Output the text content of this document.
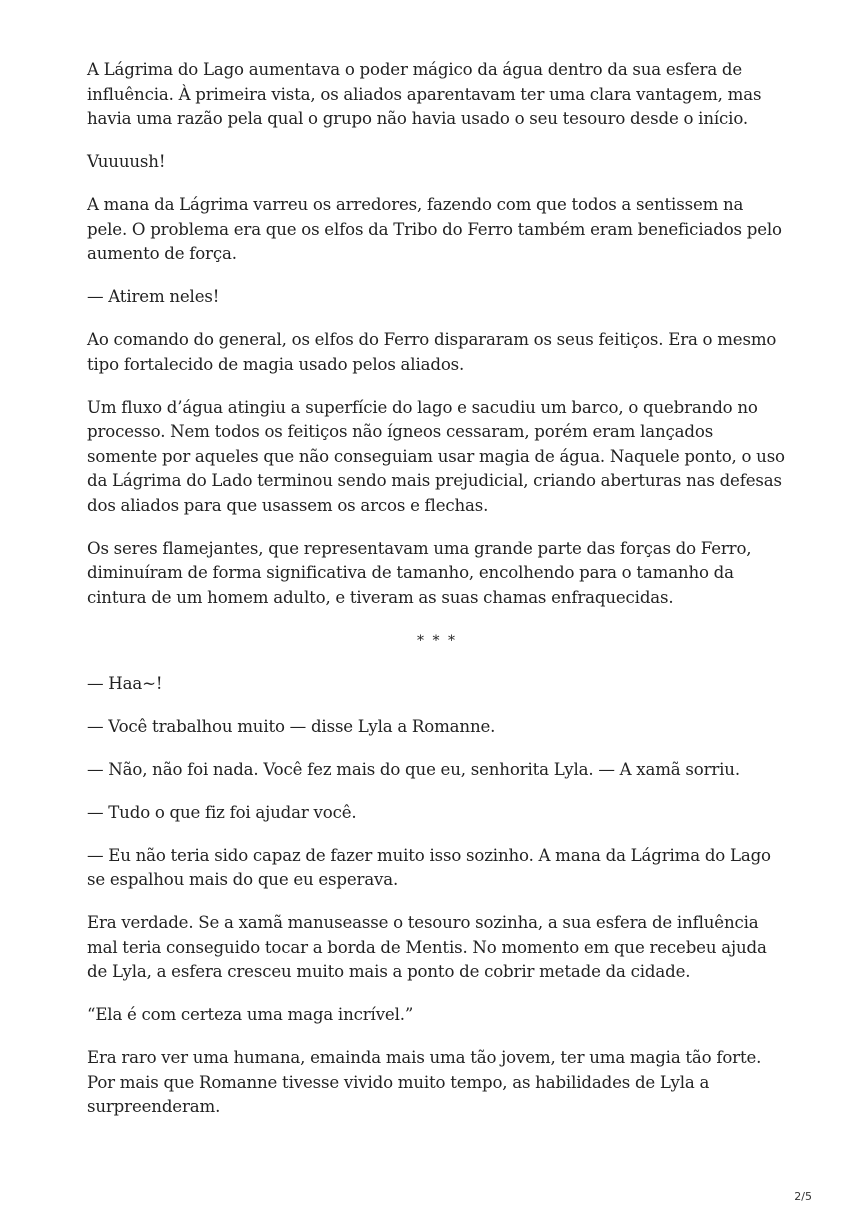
A Lágrima do Lago aumentava o poder mágico da água dentro da sua esfera de influência. À primeira vista, os aliados aparentavam ter uma clara vantagem, mas havia uma razão pela qual o grupo não havia usado o seu tesouro desde o início.

Vuuuush!

A mana da Lágrima varreu os arredores, fazendo com que todos a sentissem na pele. O problema era que os elfos da Tribo do Ferro também eram beneficiados pelo aumento de força.

— Atirem neles!

Ao comando do general, os elfos do Ferro dispararam os seus feitiços. Era o mesmo tipo fortalecido de magia usado pelos aliados.

Um fluxo d’água atingiu a superfície do lago e sacudiu um barco, o quebrando no processo. Nem todos os feitiços não ígneos cessaram, porém eram lançados somente por aqueles que não conseguiam usar magia de água. Naquele ponto, o uso da Lágrima do Lado terminou sendo mais prejudicial, criando aberturas nas defesas dos aliados para que usassem os arcos e flechas.

Os seres flamejantes, que representavam uma grande parte das forças do Ferro, diminuíram de forma significativa de tamanho, encolhendo para o tamanho da cintura de um homem adulto, e tiveram as suas chamas enfraquecidas.

* * *

— Haa~!

— Você trabalhou muito — disse Lyla a Romanne.

— Não, não foi nada. Você fez mais do que eu, senhorita Lyla. — A xamã sorriu.

— Tudo o que fiz foi ajudar você.

— Eu não teria sido capaz de fazer muito isso sozinho. A mana da Lágrima do Lago se espalhou mais do que eu esperava.

Era verdade. Se a xamã manuseasse o tesouro sozinha, a sua esfera de influência mal teria conseguido tocar a borda de Mentis. No momento em que recebeu ajuda de Lyla, a esfera cresceu muito mais a ponto de cobrir metade da cidade.

“Ela é com certeza uma maga incrível.”

Era raro ver uma humana, emainda mais uma tão jovem, ter uma magia tão forte. Por mais que Romanne tivesse vivido muito tempo, as habilidades de Lyla a surpreenderam.

2/5
